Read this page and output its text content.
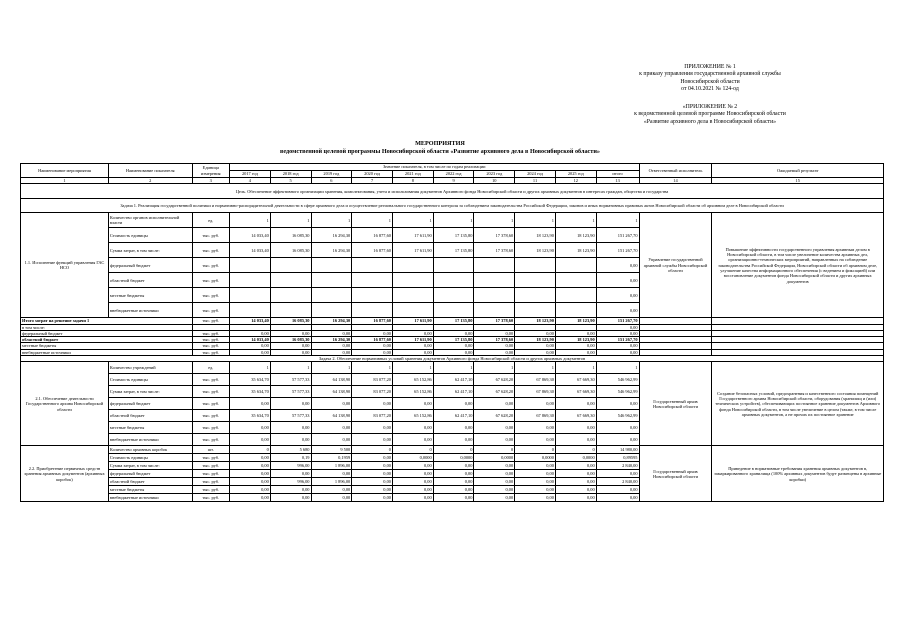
ПРИЛОЖЕНИЕ № 1
к приказу управления государственной архивной службы
Новосибирской области
от 04.10.2021 № 124-од
«ПРИЛОЖЕНИЕ № 2
к ведомственной целевой программе Новосибирской области
«Развитие архивного дела в Новосибирской области»
МЕРОПРИЯТИЯ
ведомственной целевой программы Новосибирской области «Развитие архивного дела в Новосибирской области»
Наименование мероприятия	Наименование показателя	Единица измерения	Значение показателя, в том числе по годам реализации										Ответственный исполнитель	Ожидаемый результат
			2017 год	2018 год	2019 год	2020 год	2021 год	2022 год	2023 год	2024 год	2025 год	итого		
1	2	3	4	5	6	7	8	9	10	11	12	13	14	15
Цель. Обеспечение эффективного организации хранения, комплектования, учета и использования документов Архивного фонда Новосибирской области и других архивных документов в интересах граждан, общества и государства														
Задача 1. Реализация государственной политики и нормативно-распорядительной деятельности в сфере архивного дела и осуществление регионального государственного контроля за соблюдением законодательства Российской Федерации, законов и иных нормативных правовых актов Новосибирской области об архивном деле в Новосибирской области														
1.1. Исполнение функций управления ГАС НСО	Количество органов исполнительной власти	ед.	1	1	1	1	1	1	1	1	1	1	Управление государственной архивной службы Новосибирской области	Повышение эффективности государственного управления архивным делом в Новосибирской области, в том числе увеличение количества архивных дел, организационно-технических мероприятий, направленных на соблюдение законодательства Российской Федерации, Новосибирской области об архивном деле, улучшение качества информационного обеспечения (с ведением и фиксацией) или восстановление документов фонда Новосибирской области и других архивных документов
	Стоимость единицы	тыс. руб.	14 033,40	16 085,30	16 294,30	16 877,60	17 611,90	17 135,80	17 378,60	18 123,90	18 123,90	151 267,70		
	Сумма затрат, в том числе:	тыс. руб.	14 033,40	16 085,30	16 294,30	16 877,60	17 611,90	17 135,80	17 378,60	18 123,90	18 123,90	151 267,70		
	федеральный бюджет	тыс. руб.										0,00		
	областной бюджет	тыс. руб.										0,00		
	местные бюджеты	тыс. руб.										0,00		
	внебюджетные источники	тыс. руб.										0,00		
Итого затрат на решение задачи 1		тыс. руб.	14 033,40	16 085,30	16 294,30	16 877,60	17 611,90	17 135,80	17 378,60	18 123,90	18 123,90	151 267,70		
в том числе:												0,00		
федеральный бюджет		тыс. руб.	0,00	0,00	0,00	0,00	0,00	0,00	0,00	0,00	0,00	0,00		
областной бюджет		тыс. руб.	14 033,40	16 085,30	16 294,30	16 877,60	17 611,90	17 135,80	17 378,60	18 123,90	18 123,90	151 267,70		
местные бюджеты		тыс. руб.	0,00	0,00	0,00	0,00	0,00	0,00	0,00	0,00	0,00	0,00		
внебюджетные источники		тыс. руб.	0,00	0,00	0,00	0,00	0,00	0,00	0,00	0,00	0,00	0,00		
Задача 2. Обеспечение нормативных условий хранения документов Архивного фонда Новосибирской области и других архивных документов														
2.1. Обеспечение деятельности Государственного архива Новосибирской области	Количество учреждений	ед.	1	1	1	1	1	1	1	1	1	1	Государственный архив Новосибирской области	Создание безопасных условий, предохранения и качественного состояния помещений Государственного архива Новосибирской области, оборудования (хранилищ и (или) технических устройств), обеспечивающих постоянное хранение документов Архивного фонда Новосибирской области, в том числе увеличение в целом (также, в том числе архивных документов, а не прочих их постоянное хранение
	Стоимость единицы	тыс. руб.	35 634,70	57 577,33	64 138,90	83 077,20	65 152,86	62 417,10	67 628,20	67 869,30	67 669,30	546 962,99		
	Сумма затрат, в том числе:	тыс. руб.	35 634,70	57 577,33	64 138,90	83 077,20	65 152,86	62 417,10	67 628,20	67 869,30	67 669,30	546 962,99		
	федеральный бюджет	тыс. руб.	0,00	0,00	0,00	0,00	0,00	0,00	0,00	0,00	0,00	0,00		
	областной бюджет	тыс. руб.	35 634,70	57 577,33	64 138,90	83 077,20	65 152,86	62 417,10	67 628,20	67 869,30	67 669,30	546 962,99		
	местные бюджеты	тыс. руб.	0,00	0,00	0,00	0,00	0,00	0,00	0,00	0,00	0,00	0,00		
	внебюджетные источники	тыс. руб.	0,00	0,00	0,00	0,00	0,00	0,00	0,00	0,00	0,00	0,00		
2.2. Приобретение первичных средств хранения архивных документов (архивных коробок)	Количество архивных коробок	шт.	0	5 680	9 500	0	0	0	0	0	0	14 980,00	Государственный архив Новосибирской области	Приведение в нормативные требования хранения архивных документов в, замаркированного хранилища (100% архивных документов будут размещены в архивные коробки)
	Стоимость единицы	тыс. руб.	0,00	0,19	0,1959	0,00	0,0000	0,0000	0,0000	0,0000	0,0000	0,89595		
	Сумма затрат, в том числе:	тыс. руб.	0,00	996,00	1 896,00	0,00	0,00	0,00	0,00	0,00	0,00	2 840,00		
	федеральный бюджет	тыс. руб.	0,00	0,00	0,00	0,00	0,00	0,00	0,00	0,00	0,00	0,00		
	областной бюджет	тыс. руб.	0,00	996,00	1 896,00	0,00	0,00	0,00	0,00	0,00	0,00	2 840,00		
	местные бюджеты	тыс. руб.	0,00	0,00	0,00	0,00	0,00	0,00	0,00	0,00	0,00	0,00		
	внебюджетные источники	тыс. руб.	0,00	0,00	0,00	0,00	0,00	0,00	0,00	0,00	0,00	0,00		
